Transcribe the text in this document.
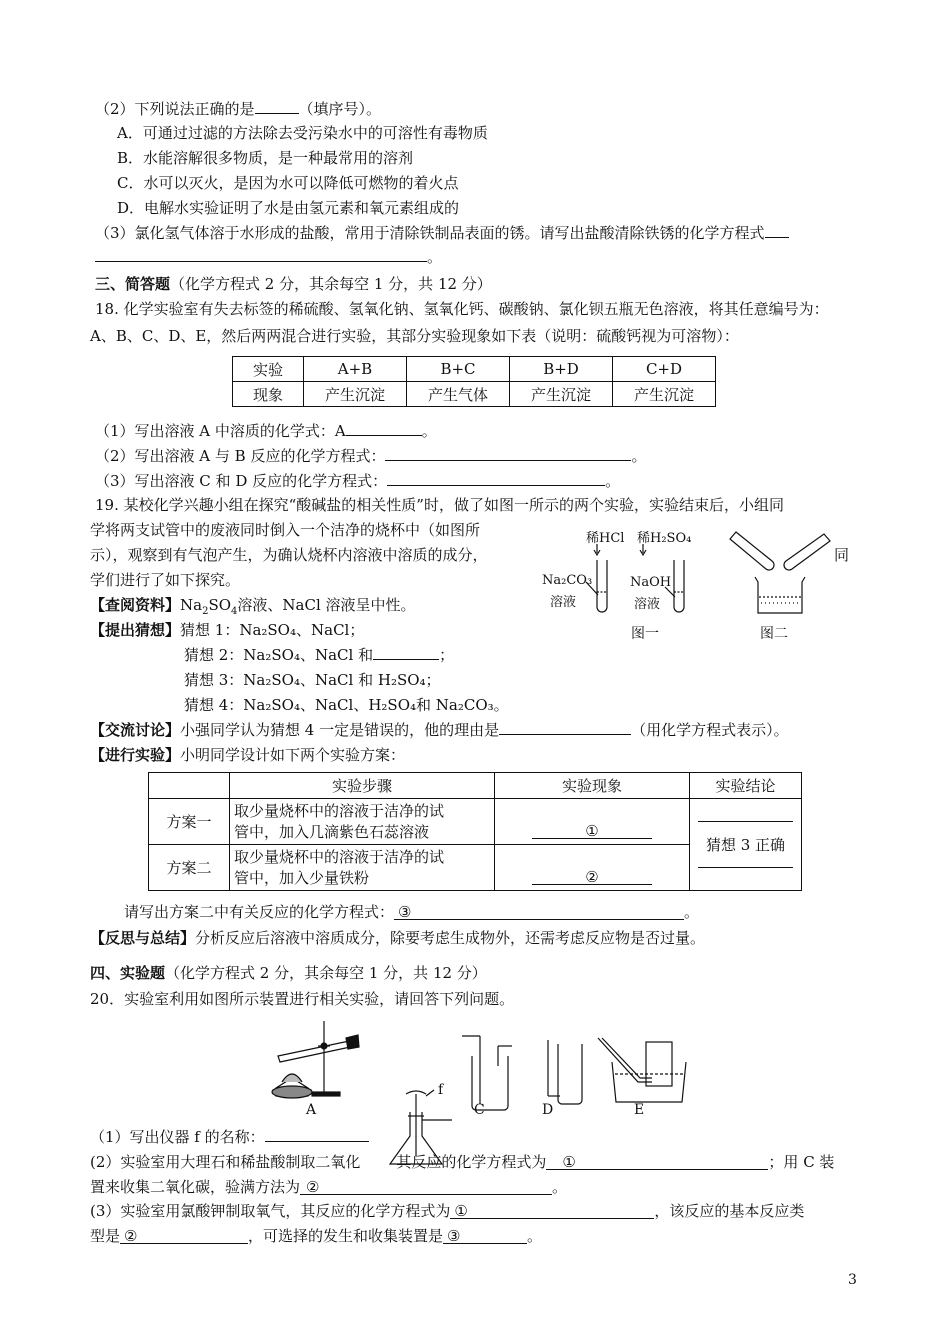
（2）下列说法正确的是	（填序号）。
A．可通过过滤的方法除去受污染水中的可溶性有毒物质
B．水能溶解很多物质，是一种最常用的溶剂
C．水可以灭火，是因为水可以降低可燃物的着火点
D．电解水实验证明了水是由氢元素和氧元素组成的
（3）氯化氢气体溶于水形成的盐酸，常用于清除铁制品表面的锈。请写出盐酸清除铁锈的化学方程式
。
三、简答题（化学方程式 2 分，其余每空 1 分，共 12 分）
18. 化学实验室有失去标签的稀硫酸、氢氧化钠、氢氧化钙、碳酸钠、氯化钡五瓶无色溶液，将其任意编号为：
A、B、C、D、E，然后两两混合进行实验，其部分实验现象如下表（说明：硫酸钙视为可溶物）：
实验	A+B	B+C	B+D	C+D
现象	产生沉淀	产生气体	产生沉淀	产生沉淀
（1）写出溶液 A 中溶质的化学式：A	。
（2）写出溶液 A 与 B 反应的化学方程式：	。
（3）写出溶液 C 和 D 反应的化学方程式：	。
19. 某校化学兴趣小组在探究“酸碱盐的相关性质”时，做了如图一所示的两个实验，实验结束后，小组同
学将两支试管中的废液同时倒入一个洁净的烧杯中（如图所
示），观察到有气泡产生，为确认烧杯内溶液中溶质的成分，	同
学们进行了如下探究。
稀HCl 稀H₂SO₄
Na₂CO₃
溶液
NaOH
溶液
图一	图二
【查阅资料】$Na_2SO_4$溶液、NaCl 溶液呈中性。
【提出猜想】猜想 1：Na₂SO₄、NaCl；
猜想 2：Na₂SO₄、NaCl 和	；
猜想 3：Na₂SO₄、NaCl 和 H₂SO₄；
猜想 4：Na₂SO₄、NaCl、H₂SO₄和 Na₂CO₃。
【交流讨论】小强同学认为猜想 4 一定是错误的，他的理由是	（用化学方程式表示）。
【进行实验】小明同学设计如下两个实验方案：
	实验步骤	实验现象	实验结论
方案一	取少量烧杯中的溶液于洁净的试
管中，加入几滴紫色石蕊溶液	①	猜想 3 正确

方案二	取少量烧杯中的溶液于洁净的试
管中，加入少量铁粉	②	
请写出方案二中有关反应的化学方程式： ③	。
【反思与总结】分析反应后溶液中溶质成分，除要考虑生成物外，还需考虑反应物是否过量。
四、实验题（化学方程式 2 分，其余每空 1 分，共 12 分）
20．实验室利用如图所示装置进行相关实验，请回答下列问题。
A
f
C	D	E
（1）写出仪器 f 的名称：
(2）实验室用大理石和稀盐酸制取二氧化 其反应的化学方程式为 ①	；用 C 装
置来收集二氧化碳，验满方法为 ②	。
(3）实验室用氯酸钾制取氧气，其反应的化学方程式为 ①	，该反应的基本反应类
型是 ②	，可选择的发生和收集装置是 ③	。
3
